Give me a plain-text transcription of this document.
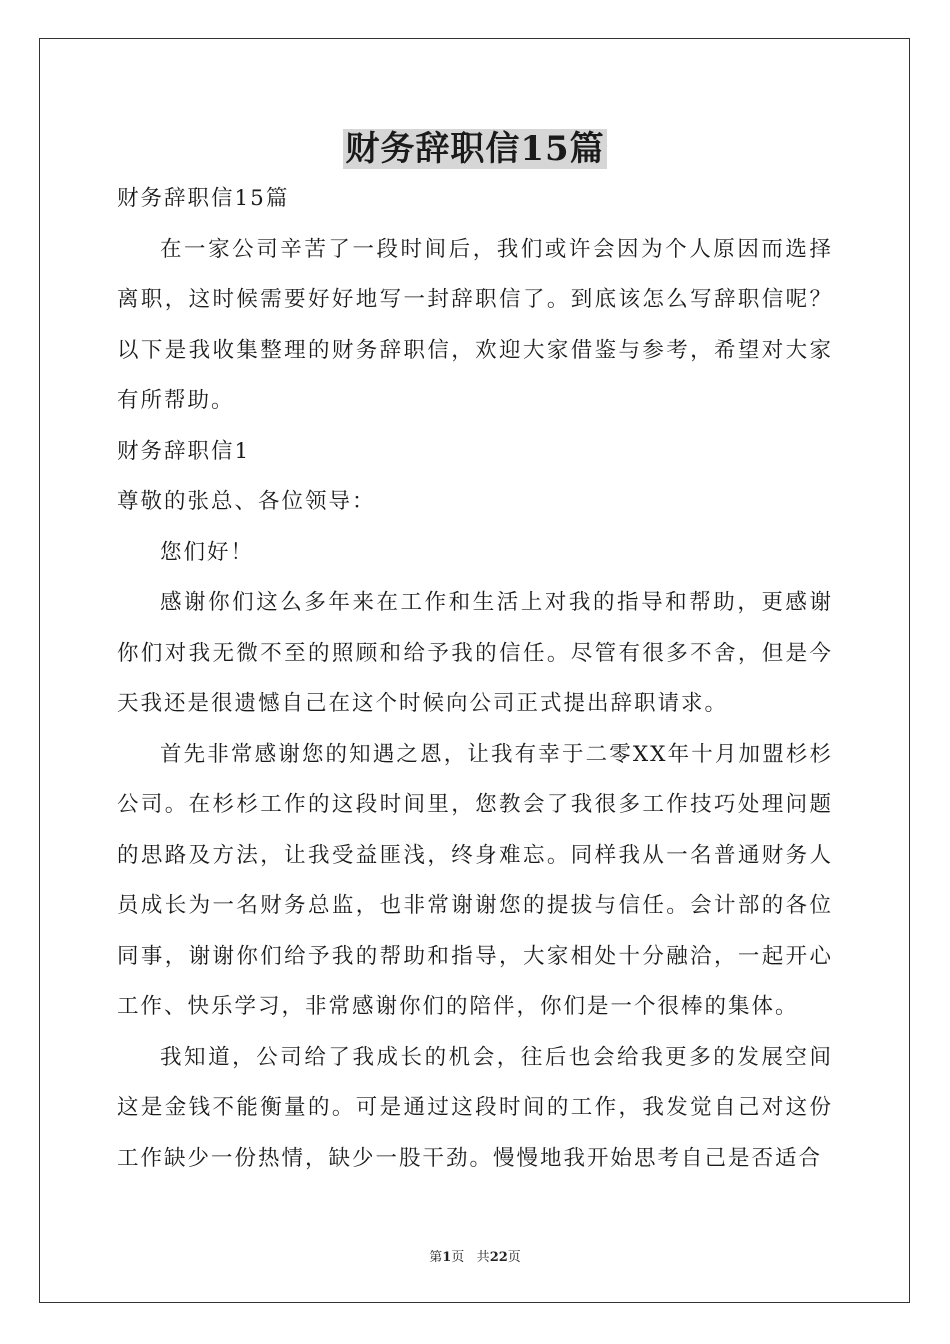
财务辞职信15篇

财务辞职信15篇

在一家公司辛苦了一段时间后，我们或许会因为个人原因而选择离职，这时候需要好好地写一封辞职信了。到底该怎么写辞职信呢？以下是我收集整理的财务辞职信，欢迎大家借鉴与参考，希望对大家有所帮助。

财务辞职信1

尊敬的张总、各位领导：

您们好！

感谢你们这么多年来在工作和生活上对我的指导和帮助，更感谢你们对我无微不至的照顾和给予我的信任。尽管有很多不舍，但是今天我还是很遗憾自己在这个时候向公司正式提出辞职请求。

首先非常感谢您的知遇之恩，让我有幸于二零XX年十月加盟杉杉公司。在杉杉工作的这段时间里，您教会了我很多工作技巧处理问题的思路及方法，让我受益匪浅，终身难忘。同样我从一名普通财务人员成长为一名财务总监，也非常谢谢您的提拔与信任。会计部的各位同事，谢谢你们给予我的帮助和指导，大家相处十分融洽，一起开心工作、快乐学习，非常感谢你们的陪伴，你们是一个很棒的集体。

我知道，公司给了我成长的机会，往后也会给我更多的发展空间这是金钱不能衡量的。可是通过这段时间的工作，我发觉自己对这份工作缺少一份热情，缺少一股干劲。慢慢地我开始思考自己是否适合

第1页 共22页
